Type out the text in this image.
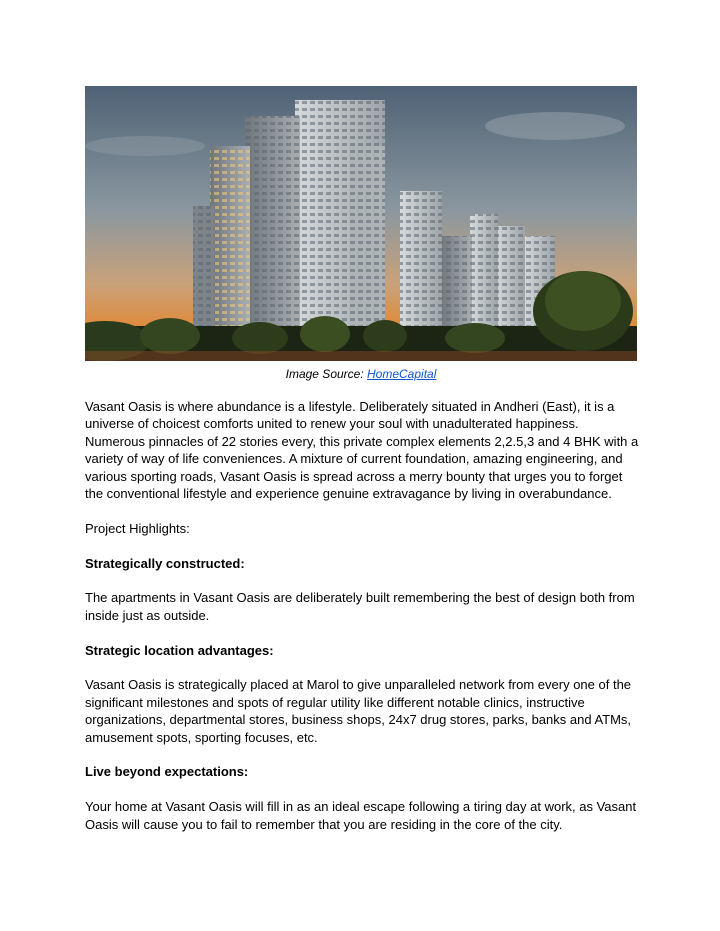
Image Source: HomeCapital

Vasant Oasis is where abundance is a lifestyle. Deliberately situated in Andheri (East), it is a universe of choicest comforts united to renew your soul with unadulterated happiness. Numerous pinnacles of 22 stories every, this private complex elements 2,2.5,3 and 4 BHK with a variety of way of life conveniences. A mixture of current foundation, amazing engineering, and various sporting roads, Vasant Oasis is spread across a merry bounty that urges you to forget the conventional lifestyle and experience genuine extravagance by living in overabundance.

Project Highlights:

Strategically constructed:

The apartments in Vasant Oasis are deliberately built remembering the best of design both from inside just as outside.

Strategic location advantages:

Vasant Oasis is strategically placed at Marol to give unparalleled network from every one of the significant milestones and spots of regular utility like different notable clinics, instructive organizations, departmental stores, business shops, 24x7 drug stores, parks, banks and ATMs, amusement spots, sporting focuses, etc.

Live beyond expectations:

Your home at Vasant Oasis will fill in as an ideal escape following a tiring day at work, as Vasant Oasis will cause you to fail to remember that you are residing in the core of the city.
